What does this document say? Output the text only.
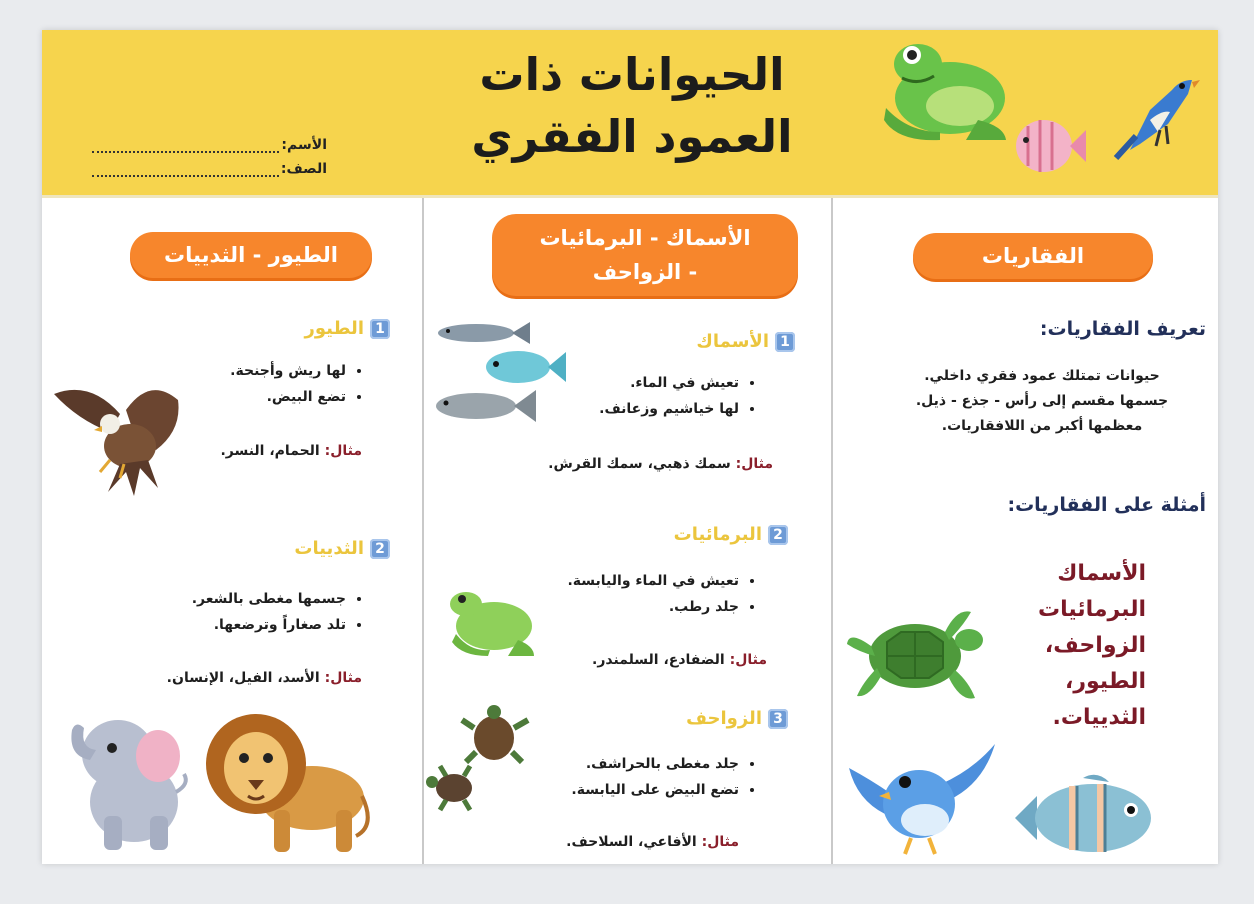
الحيوانات ذات
العمود الفقري
الأسم:
الصف:
الطيور - الثدييات
1
الطيور
• لها ريش وأجنحة.
• تضع البيض.
مثال: الحمام، النسر.
2
الثدييات
• جسمها مغطى بالشعر.
• تلد صغاراً وترضعها.
مثال: الأسد، الفيل، الإنسان.
الأسماك - البرمائيات
- الزواحف
1
الأسماك
• تعيش في الماء.
• لها خياشيم وزعانف.
مثال: سمك ذهبي، سمك القرش.
2
البرمائيات
• تعيش في الماء واليابسة.
• جلد رطب.
مثال: الضفادع، السلمندر.
3
الزواحف
• جلد مغطى بالحراشف.
• تضع البيض على اليابسة.
مثال: الأفاعي، السلاحف.
الفقاريات
تعريف الفقاريات:
حيوانات تمتلك عمود فقري داخلي.
جسمها مقسم إلى رأس - جذع - ذيل.
معظمها أكبر من اللافقاريات.
أمثلة على الفقاريات:
الأسماك
البرمائيات
الزواحف،
الطيور،
الثدييات.
